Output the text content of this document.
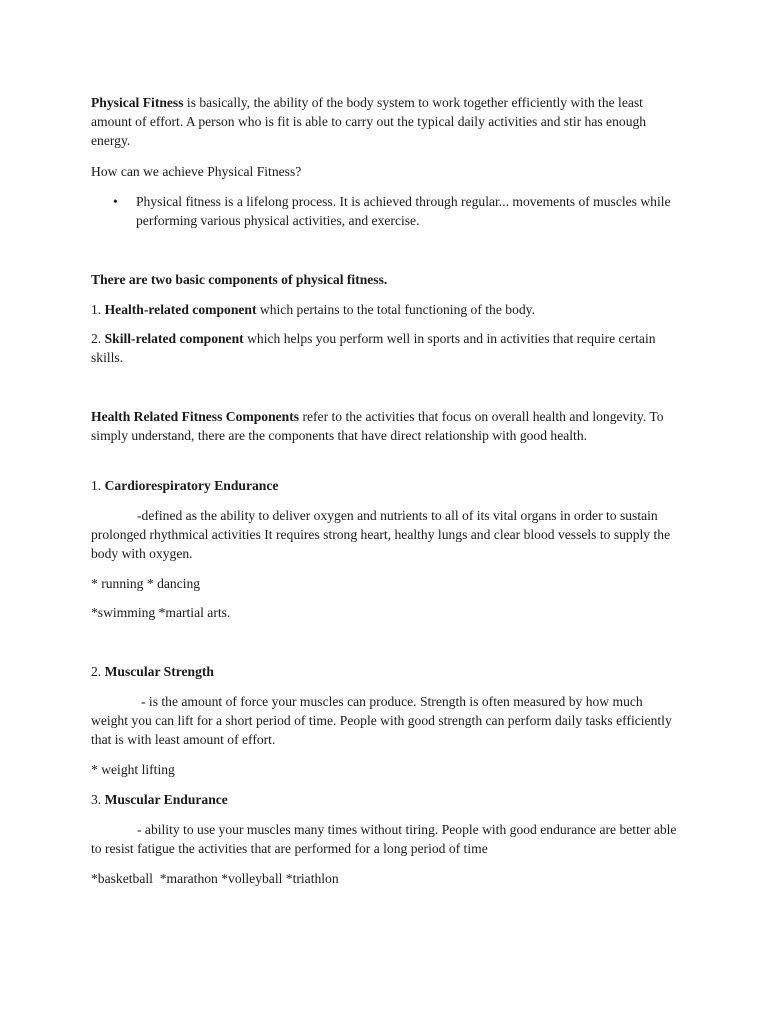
Physical Fitness is basically, the ability of the body system to work together efficiently with the least amount of effort. A person who is fit is able to carry out the typical daily activities and stir has enough energy.

How can we achieve Physical Fitness?

• Physical fitness is a lifelong process. It is achieved through regular... movements of muscles while performing various physical activities, and exercise.

There are two basic components of physical fitness.

1. Health-related component which pertains to the total functioning of the body.

2. Skill-related component which helps you perform well in sports and in activities that require certain skills.

Health Related Fitness Components refer to the activities that focus on overall health and longevity. To simply understand, there are the components that have direct relationship with good health.

1. Cardiorespiratory Endurance

-defined as the ability to deliver oxygen and nutrients to all of its vital organs in order to sustain prolonged rhythmical activities It requires strong heart, healthy lungs and clear blood vessels to supply the body with oxygen.

* running * dancing

*swimming *martial arts.

2. Muscular Strength

- is the amount of force your muscles can produce. Strength is often measured by how much weight you can lift for a short period of time. People with good strength can perform daily tasks efficiently that is with least amount of effort.

* weight lifting

3. Muscular Endurance

- ability to use your muscles many times without tiring. People with good endurance are better able to resist fatigue the activities that are performed for a long period of time

*basketball  *marathon *volleyball *triathlon
